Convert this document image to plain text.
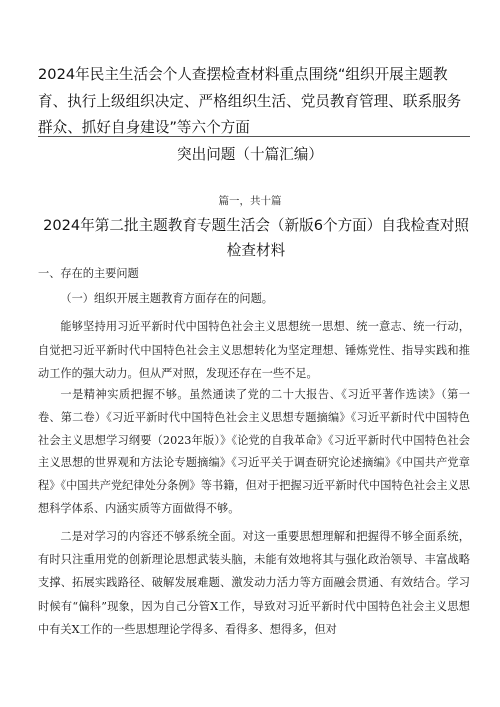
2024年民主生活会个人查摆检查材料重点围绕“组织开展主题教育、执行上级组织决定、严格组织生活、党员教育管理、联系服务群众、抓好自身建设”等六个方面
突出问题（十篇汇编）
篇一，共十篇
2024年第二批主题教育专题生活会（新版6个方面）自我检查对照检查材料

一、存在的主要问题

（一）组织开展主题教育方面存在的问题。

能够坚持用习近平新时代中国特色社会主义思想统一思想、统一意志、统一行动，自觉把习近平新时代中国特色社会主义思想转化为坚定理想、锤炼党性、指导实践和推动工作的强大动力。但从严对照，发现还存在一些不足。

一是精神实质把握不够。虽然通读了党的二十大报告、《习近平著作选读》（第一卷、第二卷）《习近平新时代中国特色社会主义思想专题摘编》《习近平新时代中国特色社会主义思想学习纲要（2023年版）》《论党的自我革命》《习近平新时代中国特色社会主义思想的世界观和方法论专题摘编》《习近平关于调查研究论述摘编》《中国共产党章程》《中国共产党纪律处分条例》等书籍，但对于把握习近平新时代中国特色社会主义思想科学体系、内涵实质等方面做得不够。

二是对学习的内容还不够系统全面。对这一重要思想理解和把握得不够全面系统，有时只注重用党的创新理论思想武装头脑，未能有效地将其与强化政治领导、丰富战略支撑、拓展实践路径、破解发展难题、激发动力活力等方面融会贯通、有效结合。学习时候有“偏科”现象，因为自己分管X工作，导致对习近平新时代中国特色社会主义思想中有关X工作的一些思想理论学得多、看得多、想得多，但对
